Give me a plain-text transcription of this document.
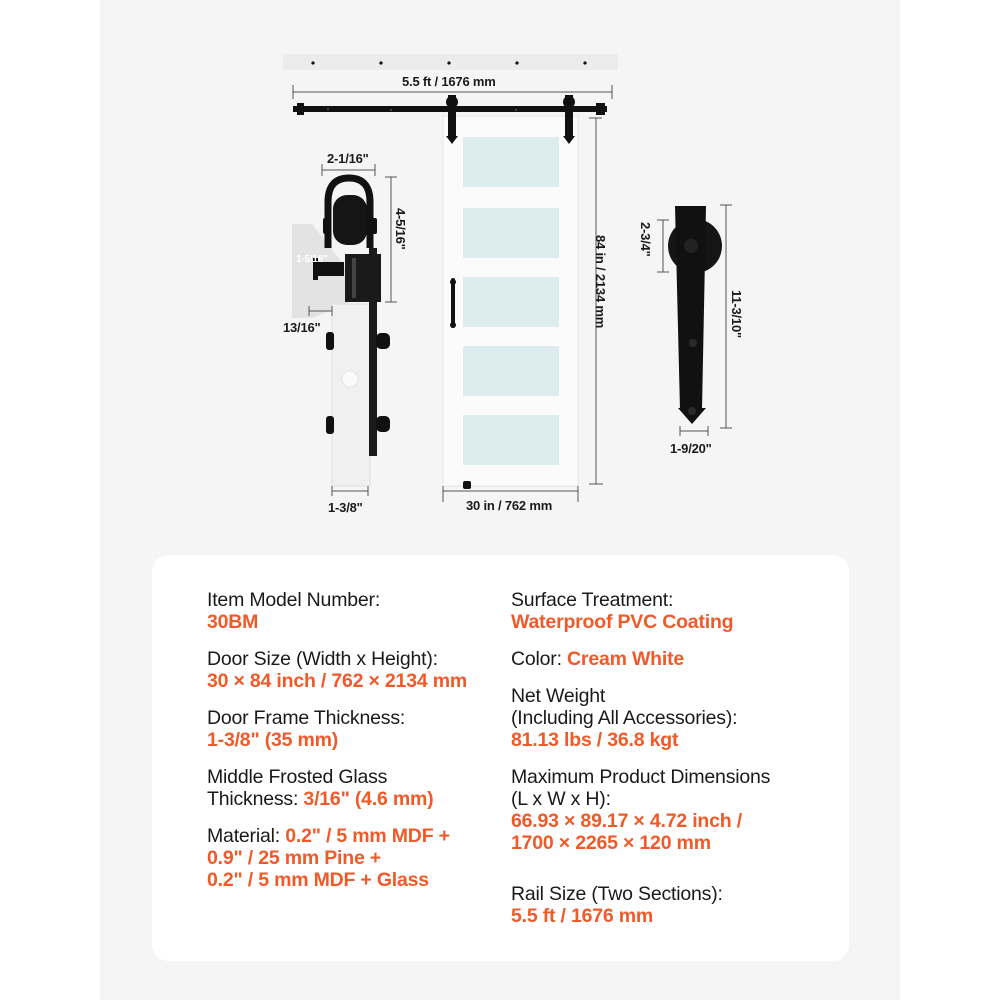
5.5 ft / 1676 mm
84 in / 2134 mm
30 in / 762 mm
2-1/16"
4-5/16"
1-5/16"
13/16"
1-3/8"
2-3/4"
11-3/10"
1-9/20"
Item Model Number:
30BM
Door Size (Width x Height):
30 × 84 inch / 762 × 2134 mm
Door Frame Thickness:
1-3/8" (35 mm)
Middle Frosted Glass
Thickness: 3/16" (4.6 mm)
Material: 0.2" / 5 mm MDF +
0.9" / 25 mm Pine +
0.2" / 5 mm MDF + Glass
Surface Treatment:
Waterproof PVC Coating
Color: Cream White
Net Weight
(Including All Accessories):
81.13 lbs / 36.8 kgt
Maximum Product Dimensions
(L x W x H):
66.93 × 89.17 × 4.72 inch /
1700 × 2265 × 120 mm
Rail Size (Two Sections):
5.5 ft / 1676 mm
